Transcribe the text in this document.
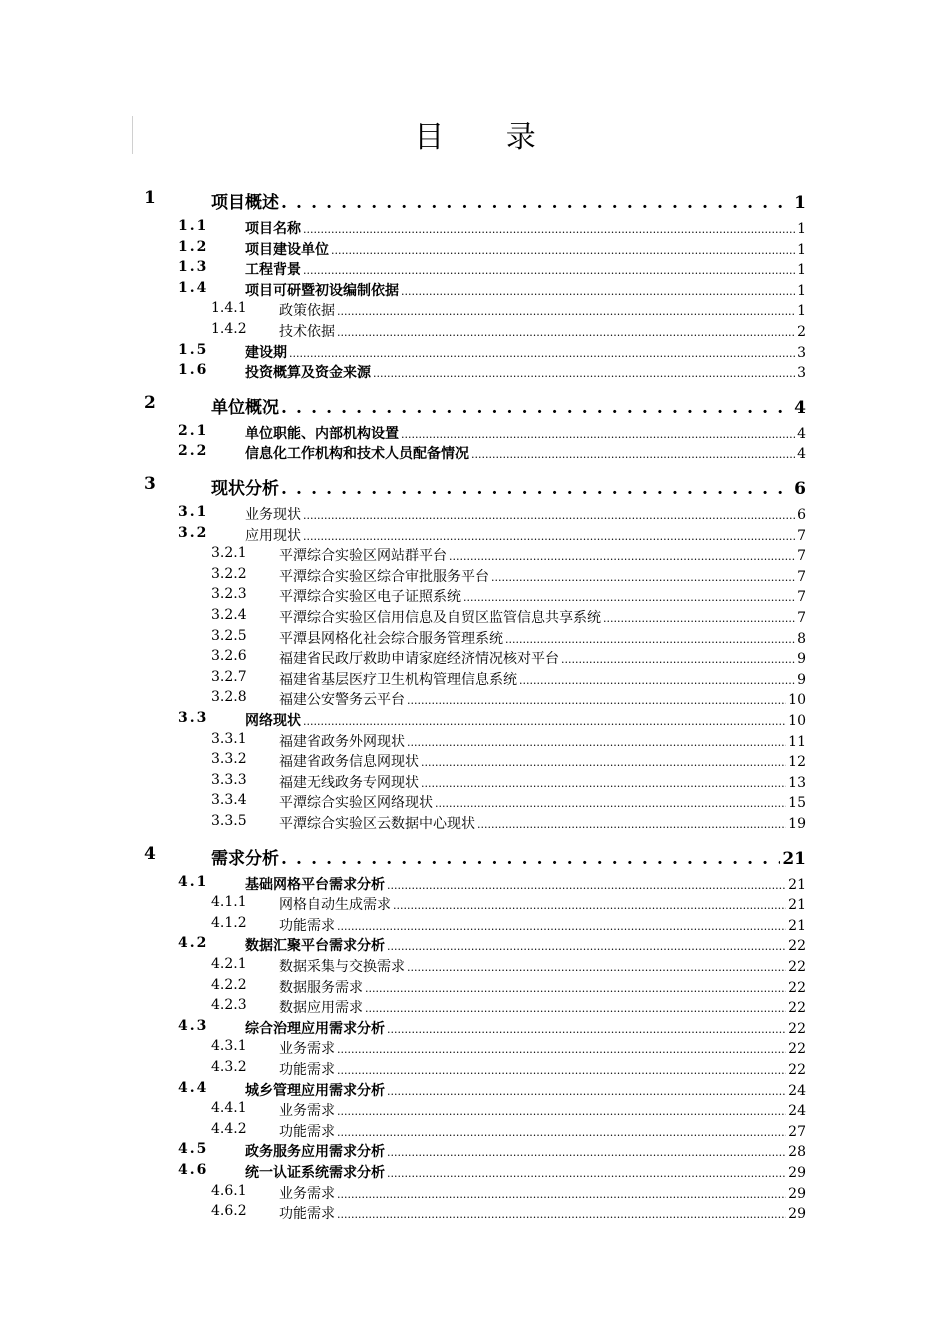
目 录
1	项目概述 . . .	1
1.1	项目名称 .....	1
1.2	项目建设单位 .....	1
1.3	工程背景 .....	1
1.4	项目可研暨初设编制依据 .....	1
1.4.1 政策依据 .....	1
1.4.2 技术依据 .....	2
1.5	建设期 .....	3
1.6	投资概算及资金来源 .....	3
2	单位概况 . . .	4
2.1	单位职能、内部机构设置 .....	4
2.2	信息化工作机构和技术人员配备情况 .....	4
3	现状分析 . . .	6
3.1	业务现状 .....	6
3.2	应用现状 .....	7
3.2.1 平潭综合实验区网站群平台 .....	7
3.2.2 平潭综合实验区综合审批服务平台 .....	7
3.2.3 平潭综合实验区电子证照系统 .....	7
3.2.4 平潭综合实验区信用信息及自贸区监管信息共享系统 .....	7
3.2.5 平潭县网格化社会综合服务管理系统 .....	8
3.2.6 福建省民政厅救助申请家庭经济情况核对平台 .....	9
3.2.7 福建省基层医疗卫生机构管理信息系统 .....	9
3.2.8 福建公安警务云平台 .....	10
3.3	网络现状 .....	10
3.3.1 福建省政务外网现状 .....	11
3.3.2 福建省政务信息网现状 .....	12
3.3.3 福建无线政务专网现状 .....	13
3.3.4 平潭综合实验区网络现状 .....	15
3.3.5 平潭综合实验区云数据中心现状 .....	19
4	需求分析 . . .	21
4.1	基础网格平台需求分析 .....	21
4.1.1 网格自动生成需求 .....	21
4.1.2 功能需求 .....	21
4.2	数据汇聚平台需求分析 .....	22
4.2.1 数据采集与交换需求 .....	22
4.2.2 数据服务需求 .....	22
4.2.3 数据应用需求 .....	22
4.3	综合治理应用需求分析 .....	22
4.3.1 业务需求 .....	22
4.3.2 功能需求 .....	22
4.4	城乡管理应用需求分析 .....	24
4.4.1 业务需求 .....	24
4.4.2 功能需求 .....	27
4.5	政务服务应用需求分析 .....	28
4.6	统一认证系统需求分析 .....	29
4.6.1 业务需求 .....	29
4.6.2 功能需求 .....	29
